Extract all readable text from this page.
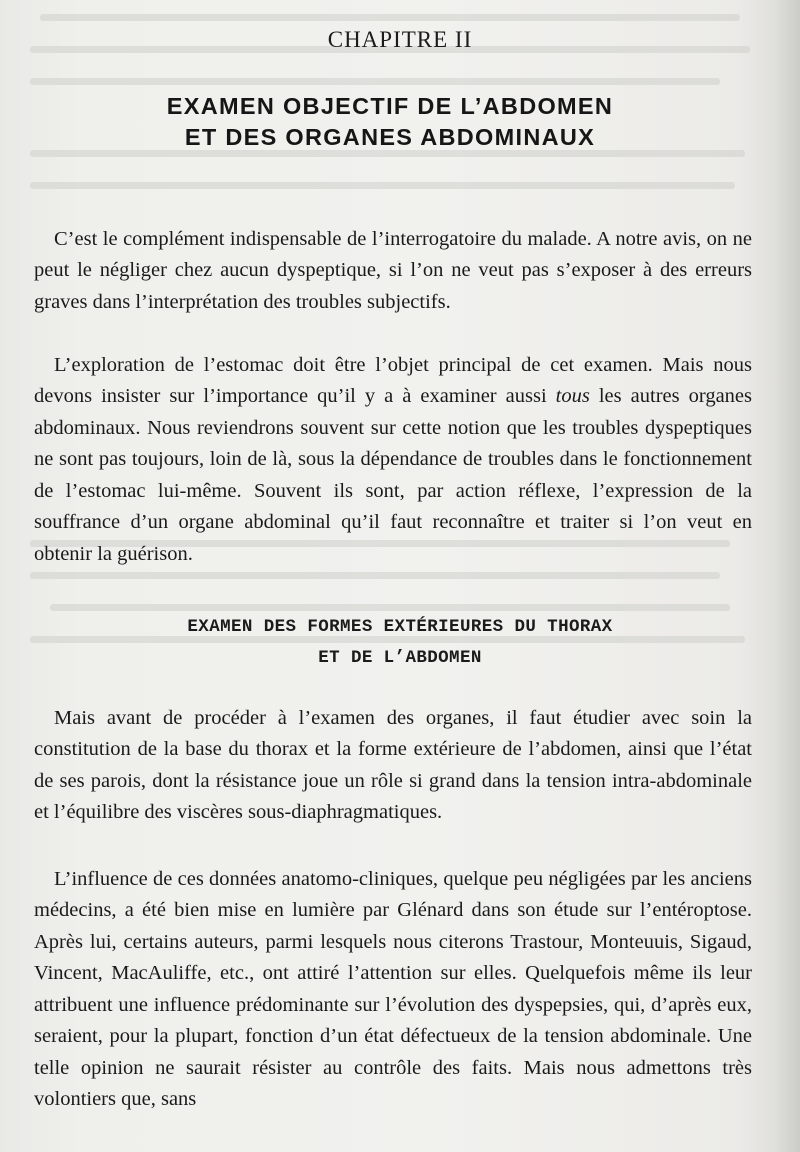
CHAPITRE II
EXAMEN OBJECTIF DE L’ABDOMEN
ET DES ORGANES ABDOMINAUX

C’est le complément indispensable de l’interrogatoire du malade. A notre avis, on ne peut le négliger chez aucun dyspeptique, si l’on ne veut pas s’exposer à des erreurs graves dans l’interprétation des troubles subjectifs.

L’exploration de l’estomac doit être l’objet principal de cet examen. Mais nous devons insister sur l’importance qu’il y a à examiner aussi tous les autres organes abdominaux. Nous reviendrons souvent sur cette notion que les troubles dyspeptiques ne sont pas toujours, loin de là, sous la dépendance de troubles dans le fonctionnement de l’estomac lui-même. Souvent ils sont, par action réflexe, l’expression de la souffrance d’un organe abdominal qu’il faut reconnaître et traiter si l’on veut en obtenir la guérison.

EXAMEN DES FORMES EXTÉRIEURES DU THORAX
ET DE L’ABDOMEN

Mais avant de procéder à l’examen des organes, il faut étudier avec soin la constitution de la base du thorax et la forme extérieure de l’abdomen, ainsi que l’état de ses parois, dont la résistance joue un rôle si grand dans la tension intra-abdominale et l’équilibre des viscères sous-diaphragmatiques.

L’influence de ces données anatomo-cliniques, quelque peu négligées par les anciens médecins, a été bien mise en lumière par Glénard dans son étude sur l’entéroptose. Après lui, certains auteurs, parmi lesquels nous citerons Trastour, Monteuuis, Sigaud, Vincent, MacAuliffe, etc., ont attiré l’attention sur elles. Quelquefois même ils leur attribuent une influence prédominante sur l’évolution des dyspepsies, qui, d’après eux, seraient, pour la plupart, fonction d’un état défectueux de la tension abdominale. Une telle opinion ne saurait résister au contrôle des faits. Mais nous admettons très volontiers que, sans
